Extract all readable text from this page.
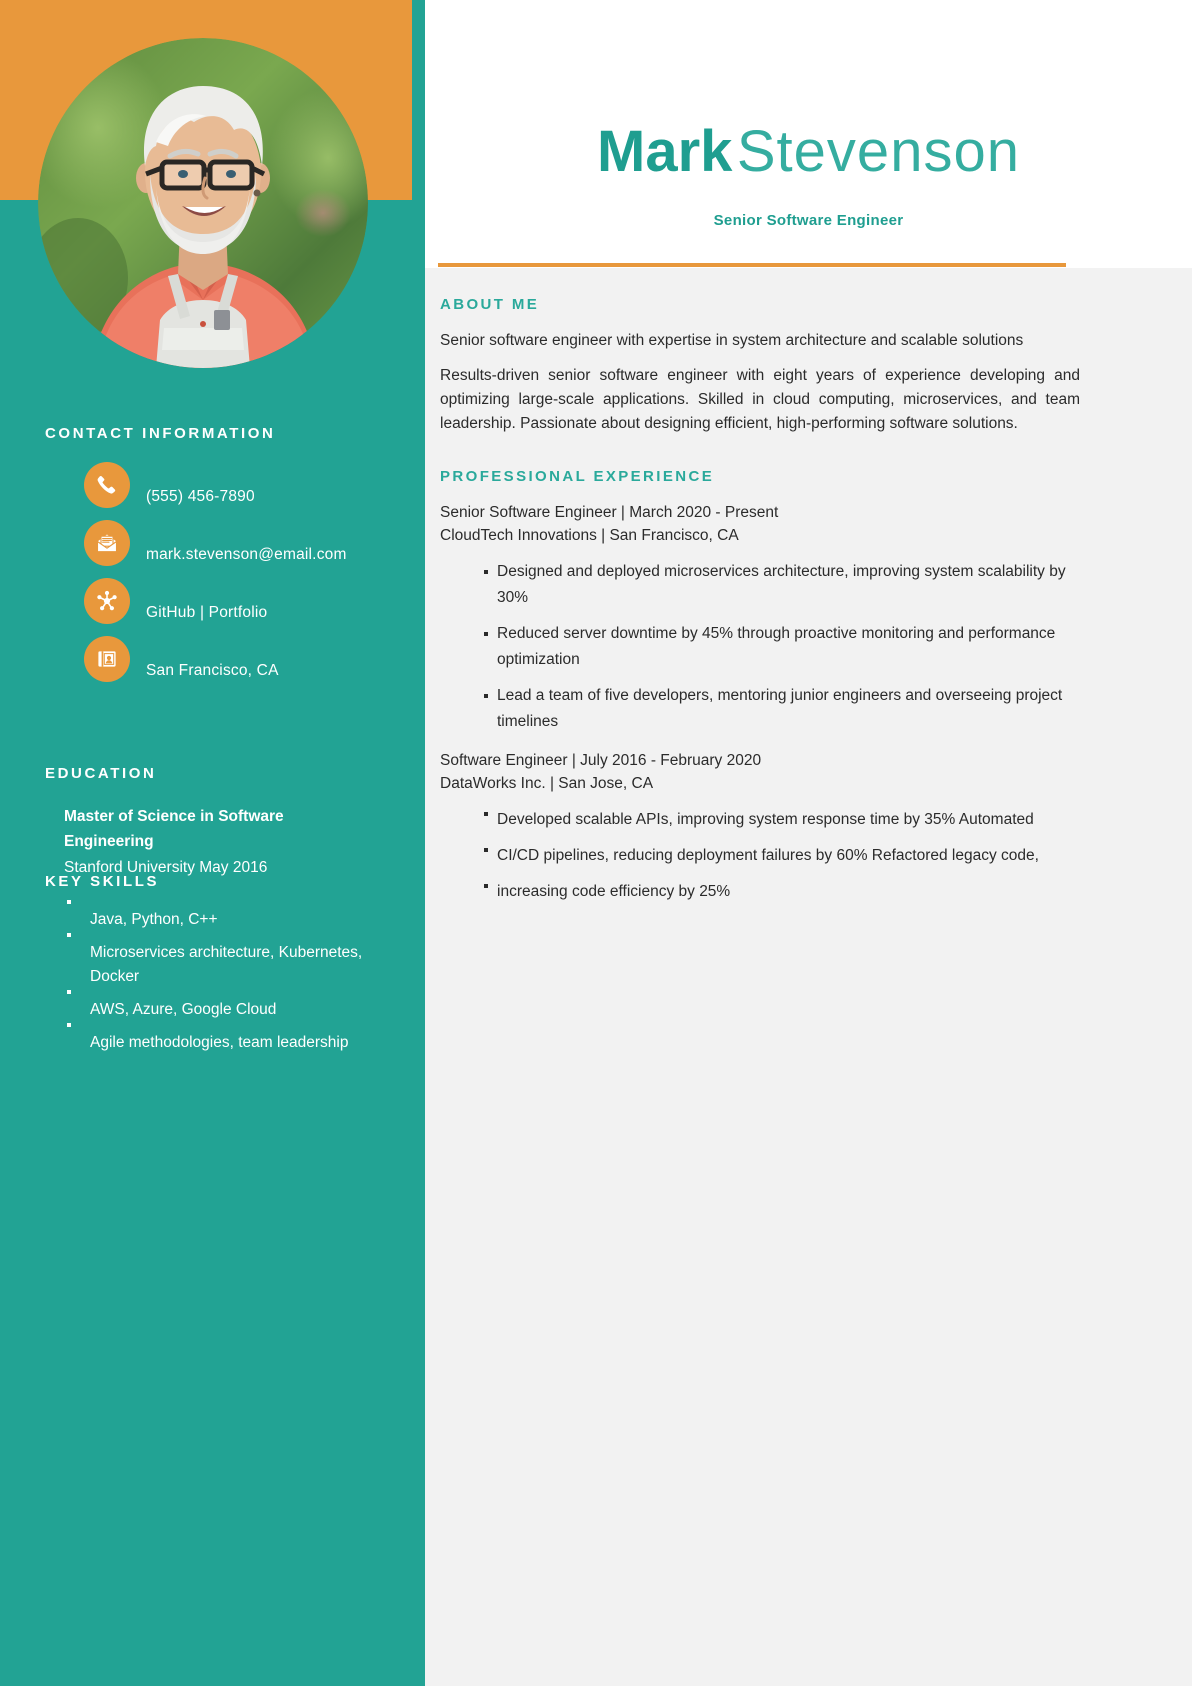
CONTACT INFORMATION
(555) 456-7890
mark.stevenson@email.com
GitHub | Portfolio
San Francisco, CA
EDUCATION
Master of Science in Software Engineering
Stanford University May 2016
KEY SKILLS
Java, Python, C++
Microservices architecture, Kubernetes, Docker
AWS, Azure, Google Cloud
Agile methodologies, team leadership
Mark Stevenson
Senior Software Engineer
ABOUT ME
Senior software engineer with expertise in system architecture and scalable solutions
Results-driven senior software engineer with eight years of experience developing and optimizing large-scale applications. Skilled in cloud computing, microservices, and team leadership. Passionate about designing efficient, high-performing software solutions.
PROFESSIONAL EXPERIENCE
Senior Software Engineer | March 2020 - Present
CloudTech Innovations | San Francisco, CA
Designed and deployed microservices architecture, improving system scalability by 30%
Reduced server downtime by 45% through proactive monitoring and performance optimization
Lead a team of five developers, mentoring junior engineers and overseeing project timelines
Software Engineer | July 2016 - February 2020
DataWorks Inc. | San Jose, CA
Developed scalable APIs, improving system response time by 35% Automated
CI/CD pipelines, reducing deployment failures by 60% Refactored legacy code,
increasing code efficiency by 25%
